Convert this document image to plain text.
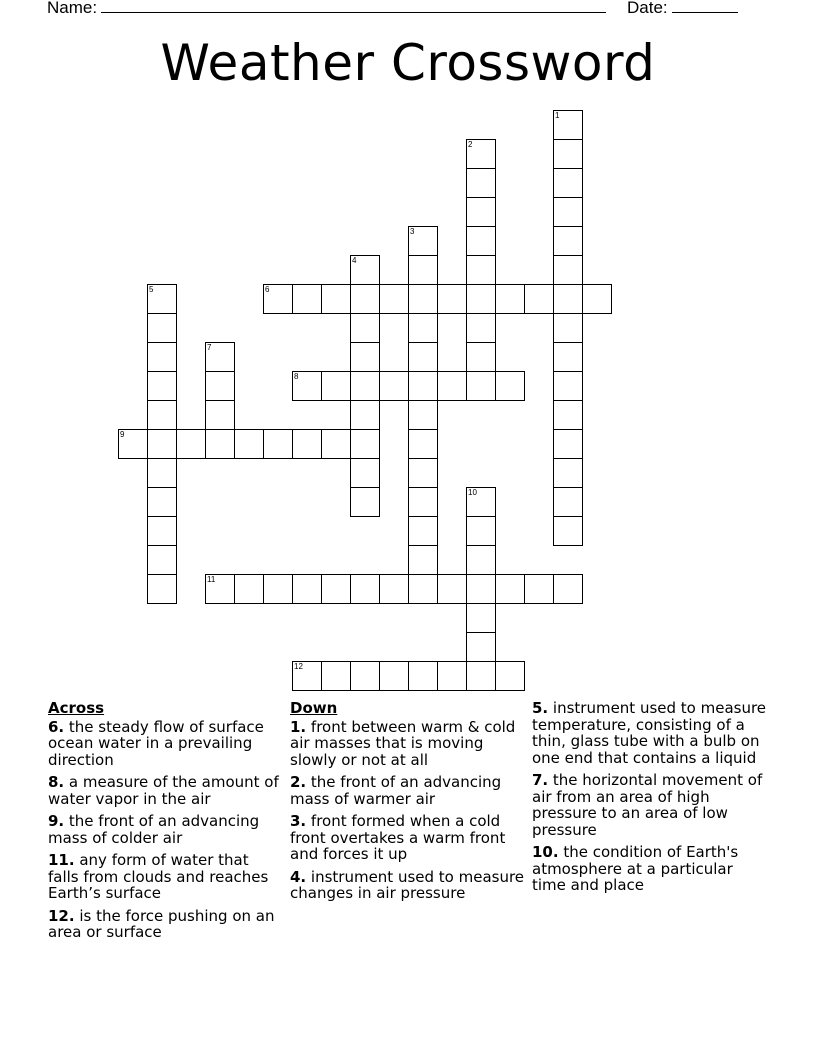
Name:	Date:
Weather Crossword
1
2
3
4
5	6
7
8
9
10
11
12
Across
6. the steady flow of surface ocean water in a prevailing direction
8. a measure of the amount of water vapor in the air
9. the front of an advancing mass of colder air
11. any form of water that falls from clouds and reaches Earth’s surface
12. is the force pushing on an area or surface
Down
1. front between warm & cold air masses that is moving slowly or not at all
2. the front of an advancing mass of warmer air
3. front formed when a cold front overtakes a warm front and forces it up
4. instrument used to measure changes in air pressure
5. instrument used to measure temperature, consisting of a thin, glass tube with a bulb on one end that contains a liquid
7. the horizontal movement of air from an area of high pressure to an area of low pressure
10. the condition of Earth's atmosphere at a particular time and place
